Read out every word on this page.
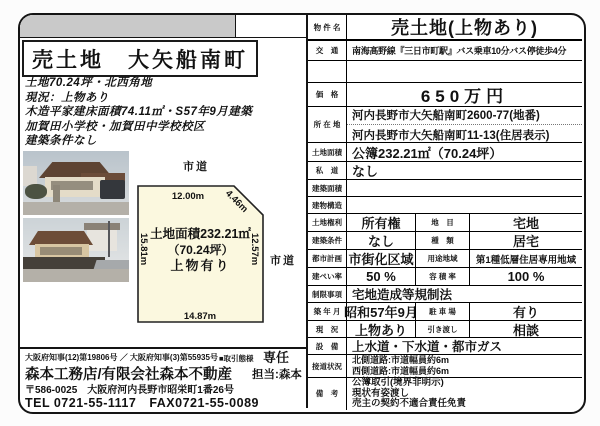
売土地　大矢船南町
土地70.24坪・北西角地
現況：上物あり
木造平家建床面積74.11㎡・S57年9月建築
加賀田小学校・加賀田中学校校区
建築条件なし
市道
市道
12.00m	4.46m
15.81m	12.57m
14.87m
土地面積232.21㎡
（70.24坪）
上物有り
大阪府知事(12)第19806号 ／ 大阪府知事(3)第55935号 ■取引態様 専任
森本工務店/有限会社森本不動産 担当:森本
〒586-0025　大阪府河内長野市昭栄町1番26号
TEL 0721-55-1117　FAX0721-55-0089
物 件 名	売土地(上物あり)
交　通	南海高野線『三日市町駅』バス乗車10分バス停徒歩4分
価　格	650万円
所 在 地
河内長野市大矢船南町2600-77(地番)
河内長野市大矢船南町11-13(住居表示)
土地面積 公簿232.21㎡（70.24坪）
私　道	なし
建築面積
建物構造
土地権利	所有権	地　目	宅地
建築条件	なし	種　類	居宅
都市計画 市街化区域	用途地域	第1種低層住居専用地域
建ぺい率	50 %	容 積 率	100 %
制限事項 宅地造成等規制法
築 年 月 昭和57年9月	駐 車 場	有り
現　況	上物あり	引き渡し	相談
設　備	上水道・下水道・都市ガス
接道状況
北側道路:市道幅員約6m
西側道路:市道幅員約6m
備　考
公簿取引(境界非明示)
現状有姿渡し
売主の契約不適合責任免責
